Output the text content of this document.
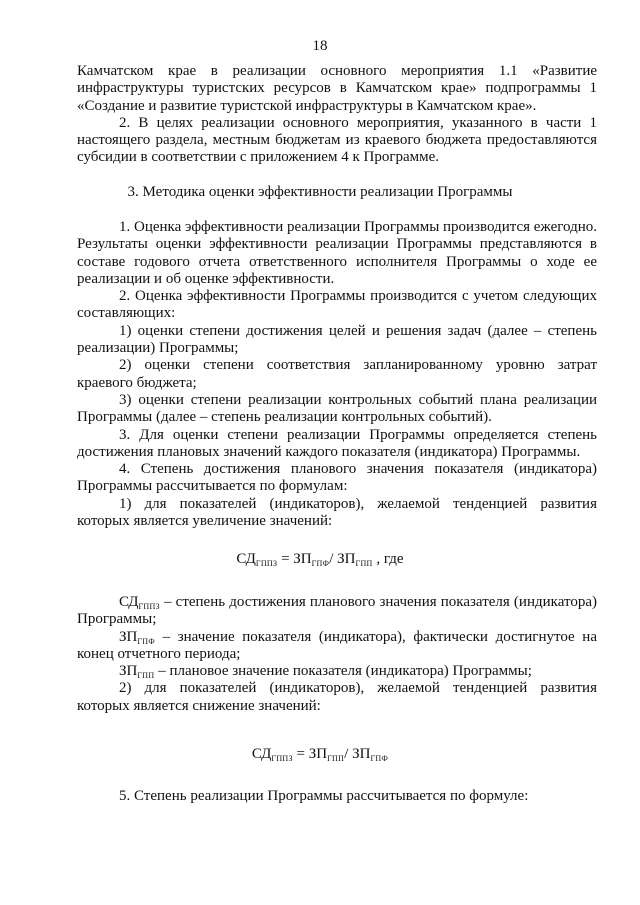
18

Камчатском крае в реализации основного мероприятия 1.1 «Развитие инфраструктуры туристских ресурсов в Камчатском крае» подпрограммы 1 «Создание и развитие туристской инфраструктуры в Камчатском крае».

2. В целях реализации основного мероприятия, указанного в части 1 настоящего раздела, местным бюджетам из краевого бюджета предоставляются субсидии в соответствии с приложением 4 к Программе.

3. Методика оценки эффективности реализации Программы

1. Оценка эффективности реализации Программы производится ежегодно. Результаты оценки эффективности реализации Программы представляются в составе годового отчета ответственного исполнителя Программы о ходе ее реализации и об оценке эффективности.

2. Оценка эффективности Программы производится с учетом следующих составляющих:

1) оценки степени достижения целей и решения задач (далее – степень реализации) Программы;

2) оценки степени соответствия запланированному уровню затрат краевого бюджета;

3) оценки степени реализации контрольных событий плана реализации Программы (далее – степень реализации контрольных событий).

3. Для оценки степени реализации Программы определяется степень достижения плановых значений каждого показателя (индикатора) Программы.

4. Степень достижения планового значения показателя (индикатора) Программы рассчитывается по формулам:

1) для показателей (индикаторов), желаемой тенденцией развития которых является увеличение значений:

$СД_{ГППЗ} = ЗП_{ГПФ}/$ $ЗП_{ГПП}$ , где

$СД_{ГППЗ}$ – степень достижения планового значения показателя (индикатора) Программы;

$ЗП_{ГПФ}$ – значение показателя (индикатора), фактически достигнутое на конец отчетного периода;

$ЗП_{ГПП}$ – плановое значение показателя (индикатора) Программы;

2) для показателей (индикаторов), желаемой тенденцией развития которых является снижение значений:

$СД_{ГППЗ} = ЗП_{ГПП}/$ $ЗП_{ГПФ}$

5. Степень реализации Программы рассчитывается по формуле:
